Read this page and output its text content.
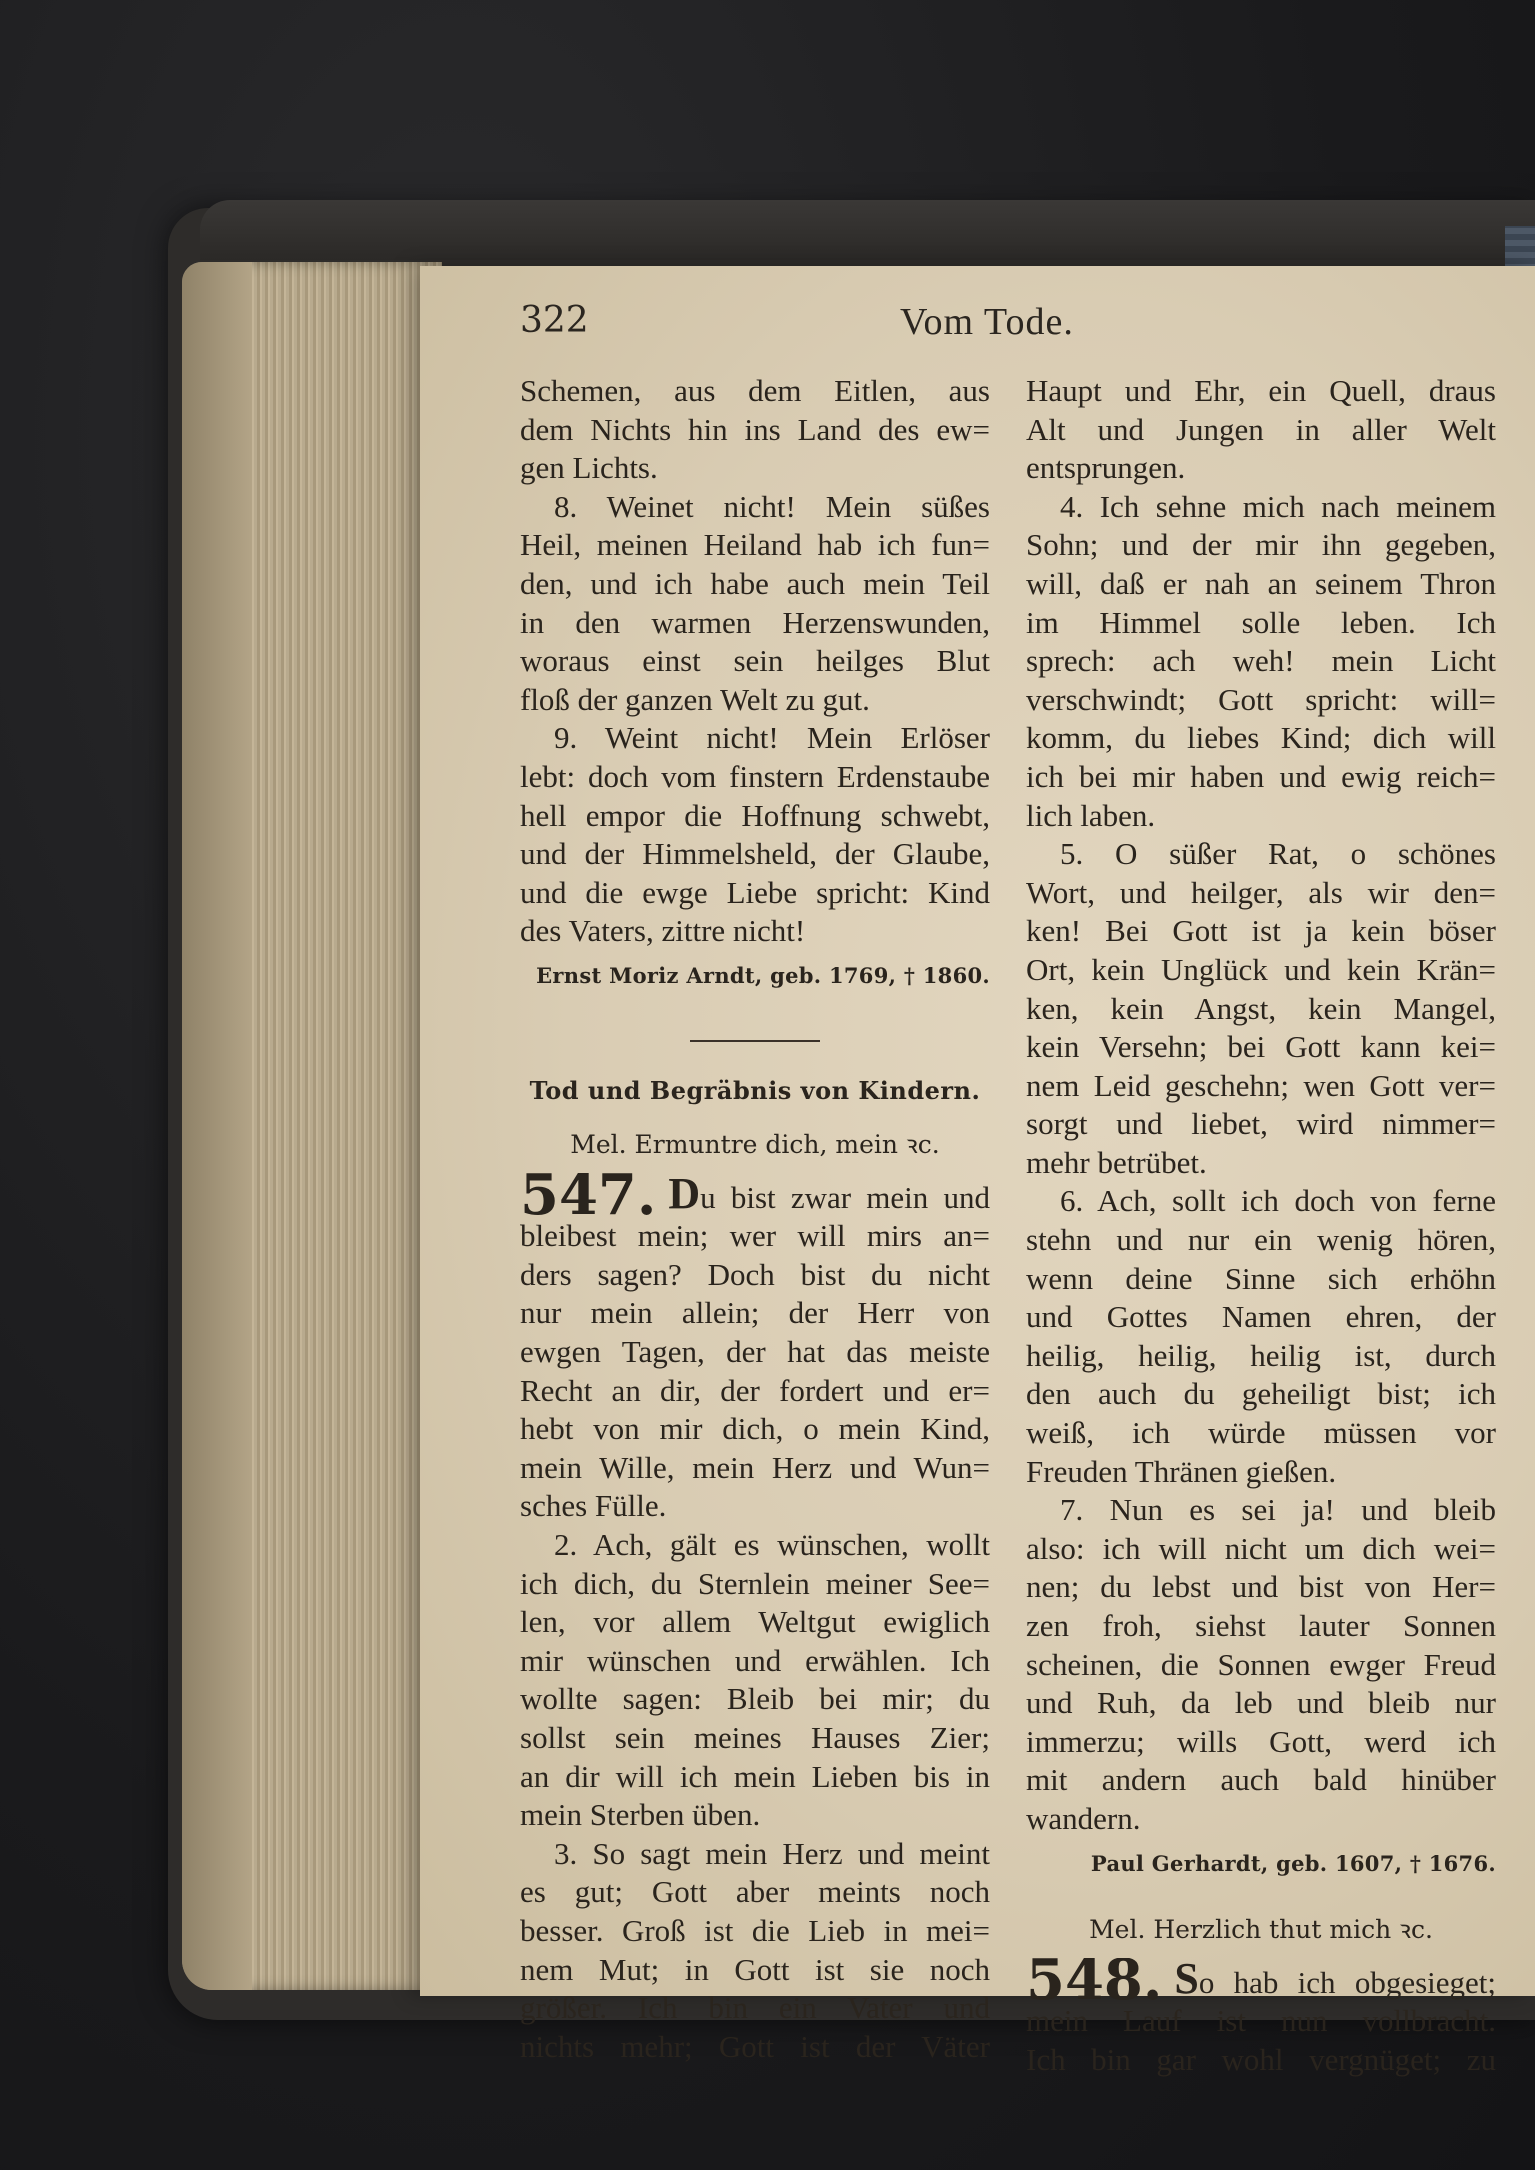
322	Vom Tode.

Schemen, aus dem Eitlen, aus
dem Nichts hin ins Land des ew=
gen Lichts.

8. Weinet nicht! Mein süßes
Heil, meinen Heiland hab ich fun=
den, und ich habe auch mein Teil
in den warmen Herzenswunden,
woraus einst sein heilges Blut
floß der ganzen Welt zu gut.

9. Weint nicht! Mein Erlöser
lebt: doch vom finstern Erdenstaube
hell empor die Hoffnung schwebt,
und der Himmelsheld, der Glaube,
und die ewge Liebe spricht: Kind
des Vaters, zittre nicht!

Ernst Moriz Arndt, geb. 1769, † 1860.
Tod und Begräbnis von Kindern.
Mel. Ermuntre dich, mein ꝛc.

547. Du bist zwar mein und
bleibest mein; wer will mirs an=
ders sagen? Doch bist du nicht
nur mein allein; der Herr von
ewgen Tagen, der hat das meiste
Recht an dir, der fordert und er=
hebt von mir dich, o mein Kind,
mein Wille, mein Herz und Wun=
sches Fülle.

2. Ach, gält es wünschen, wollt
ich dich, du Sternlein meiner See=
len, vor allem Weltgut ewiglich
mir wünschen und erwählen. Ich
wollte sagen: Bleib bei mir; du
sollst sein meines Hauses Zier;
an dir will ich mein Lieben bis in
mein Sterben üben.

3. So sagt mein Herz und meint
es gut; Gott aber meints noch
besser. Groß ist die Lieb in mei=
nem Mut; in Gott ist sie noch
größer. Ich bin ein Vater und
nichts mehr; Gott ist der Väter

Haupt und Ehr, ein Quell, draus
Alt und Jungen in aller Welt
entsprungen.

4. Ich sehne mich nach meinem
Sohn; und der mir ihn gegeben,
will, daß er nah an seinem Thron
im Himmel solle leben. Ich
sprech: ach weh! mein Licht
verschwindt; Gott spricht: will=
komm, du liebes Kind; dich will
ich bei mir haben und ewig reich=
lich laben.

5. O süßer Rat, o schönes
Wort, und heilger, als wir den=
ken! Bei Gott ist ja kein böser
Ort, kein Unglück und kein Krän=
ken, kein Angst, kein Mangel,
kein Versehn; bei Gott kann kei=
nem Leid geschehn; wen Gott ver=
sorgt und liebet, wird nimmer=
mehr betrübet.

6. Ach, sollt ich doch von ferne
stehn und nur ein wenig hören,
wenn deine Sinne sich erhöhn
und Gottes Namen ehren, der
heilig, heilig, heilig ist, durch
den auch du geheiligt bist; ich
weiß, ich würde müssen vor
Freuden Thränen gießen.

7. Nun es sei ja! und bleib
also: ich will nicht um dich wei=
nen; du lebst und bist von Her=
zen froh, siehst lauter Sonnen
scheinen, die Sonnen ewger Freud
und Ruh, da leb und bleib nur
immerzu; wills Gott, werd ich
mit andern auch bald hinüber
wandern.

Paul Gerhardt, geb. 1607, † 1676.
Mel. Herzlich thut mich ꝛc.

548. So hab ich obgesieget;
mein Lauf ist nun vollbracht.
Ich bin gar wohl vergnüget; zu
